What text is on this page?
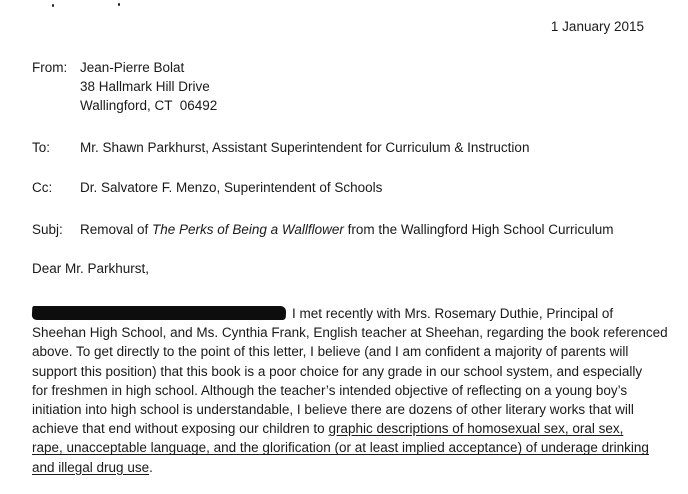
1 January 2015
From: Jean-Pierre Bolat
38 Hallmark Hill Drive
Wallingford, CT  06492
To: Mr. Shawn Parkhurst, Assistant Superintendent for Curriculum & Instruction
Cc: Dr. Salvatore F. Menzo, Superintendent of Schools
Subj: Removal of The Perks of Being a Wallflower from the Wallingford High School Curriculum
Dear Mr. Parkhurst,
I met recently with Mrs. Rosemary Duthie, Principal of
Sheehan High School, and Ms. Cynthia Frank, English teacher at Sheehan, regarding the book referenced
above. To get directly to the point of this letter, I believe (and I am confident a majority of parents will
support this position) that this book is a poor choice for any grade in our school system, and especially
for freshmen in high school. Although the teacher’s intended objective of reflecting on a young boy’s
initiation into high school is understandable, I believe there are dozens of other literary works that will
achieve that end without exposing our children to graphic descriptions of homosexual sex, oral sex,
rape, unacceptable language, and the glorification (or at least implied acceptance) of underage drinking
and illegal drug use.
